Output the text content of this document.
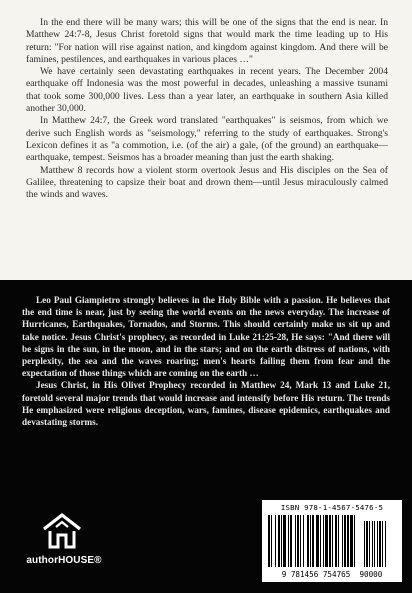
In the end there will be many wars; this will be one of the signs that the end is near. In Matthew 24:7-8, Jesus Christ foretold signs that would mark the time leading up to His return: "For nation will rise against nation, and kingdom against kingdom. And there will be famines, pestilences, and earthquakes in various places …"

We have certainly seen devastating earthquakes in recent years. The December 2004 earthquake off Indonesia was the most powerful in decades, unleashing a massive tsunami that took some 300,000 lives. Less than a year later, an earthquake in southern Asia killed another 30,000.

In Matthew 24:7, the Greek word translated "earthquakes" is seismos, from which we derive such English words as "seismology," referring to the study of earthquakes. Strong's Lexicon defines it as "a commotion, i.e. (of the air) a gale, (of the ground) an earthquake—earthquake, tempest. Seismos has a broader meaning than just the earth shaking.

Matthew 8 records how a violent storm overtook Jesus and His disciples on the Sea of Galilee, threatening to capsize their boat and drown them—until Jesus miraculously calmed the winds and waves.

Leo Paul Giampietro strongly believes in the Holy Bible with a passion. He believes that the end time is near, just by seeing the world events on the news everyday. The increase of Hurricanes, Earthquakes, Tornados, and Storms. This should certainly make us sit up and take notice. Jesus Christ's prophecy, as recorded in Luke 21:25-28, He says: "And there will be signs in the sun, in the moon, and in the stars; and on the earth distress of nations, with perplexity, the sea and the waves roaring; men's hearts failing them from fear and the expectation of those things which are coming on the earth …

Jesus Christ, in His Olivet Prophecy recorded in Matthew 24, Mark 13 and Luke 21, foretold several major trends that would increase and intensify before His return. The trends He emphasized were religious deception, wars, famines, disease epidemics, earthquakes and devastating storms.

authorHOUSE®
ISBN 978-1-4567-5476-5
9 781456 754765 90000
